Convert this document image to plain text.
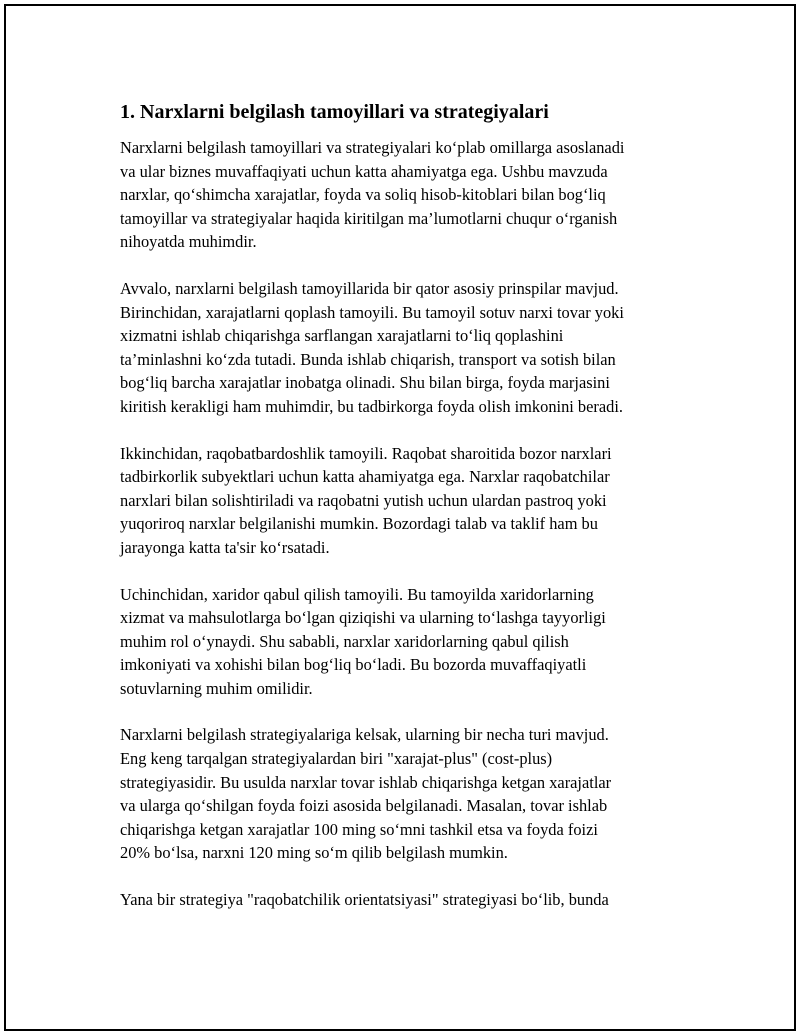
1. Narxlarni belgilash tamoyillari va strategiyalari

Narxlarni belgilash tamoyillari va strategiyalari ko‘plab omillarga asoslanadi
va ular biznes muvaffaqiyati uchun katta ahamiyatga ega. Ushbu mavzuda
narxlar, qo‘shimcha xarajatlar, foyda va soliq hisob-kitoblari bilan bog‘liq
tamoyillar va strategiyalar haqida kiritilgan ma’lumotlarni chuqur o‘rganish
nihoyatda muhimdir.

Avvalo, narxlarni belgilash tamoyillarida bir qator asosiy prinspilar mavjud.
Birinchidan, xarajatlarni qoplash tamoyili. Bu tamoyil sotuv narxi tovar yoki
xizmatni ishlab chiqarishga sarflangan xarajatlarni to‘liq qoplashini
ta’minlashni ko‘zda tutadi. Bunda ishlab chiqarish, transport va sotish bilan
bog‘liq barcha xarajatlar inobatga olinadi. Shu bilan birga, foyda marjasini
kiritish kerakligi ham muhimdir, bu tadbirkorga foyda olish imkonini beradi.

Ikkinchidan, raqobatbardoshlik tamoyili. Raqobat sharoitida bozor narxlari
tadbirkorlik subyektlari uchun katta ahamiyatga ega. Narxlar raqobatchilar
narxlari bilan solishtiriladi va raqobatni yutish uchun ulardan pastroq yoki
yuqoriroq narxlar belgilanishi mumkin. Bozordagi talab va taklif ham bu
jarayonga katta ta'sir ko‘rsatadi.

Uchinchidan, xaridor qabul qilish tamoyili. Bu tamoyilda xaridorlarning
xizmat va mahsulotlarga bo‘lgan qiziqishi va ularning to‘lashga tayyorligi
muhim rol o‘ynaydi. Shu sababli, narxlar xaridorlarning qabul qilish
imkoniyati va xohishi bilan bog‘liq bo‘ladi. Bu bozorda muvaffaqiyatli
sotuvlarning muhim omilidir.

Narxlarni belgilash strategiyalariga kelsak, ularning bir necha turi mavjud.
Eng keng tarqalgan strategiyalardan biri "xarajat-plus" (cost-plus)
strategiyasidir. Bu usulda narxlar tovar ishlab chiqarishga ketgan xarajatlar
va ularga qo‘shilgan foyda foizi asosida belgilanadi. Masalan, tovar ishlab
chiqarishga ketgan xarajatlar 100 ming so‘mni tashkil etsa va foyda foizi
20% bo‘lsa, narxni 120 ming so‘m qilib belgilash mumkin.

Yana bir strategiya "raqobatchilik orientatsiyasi" strategiyasi bo‘lib, bunda
